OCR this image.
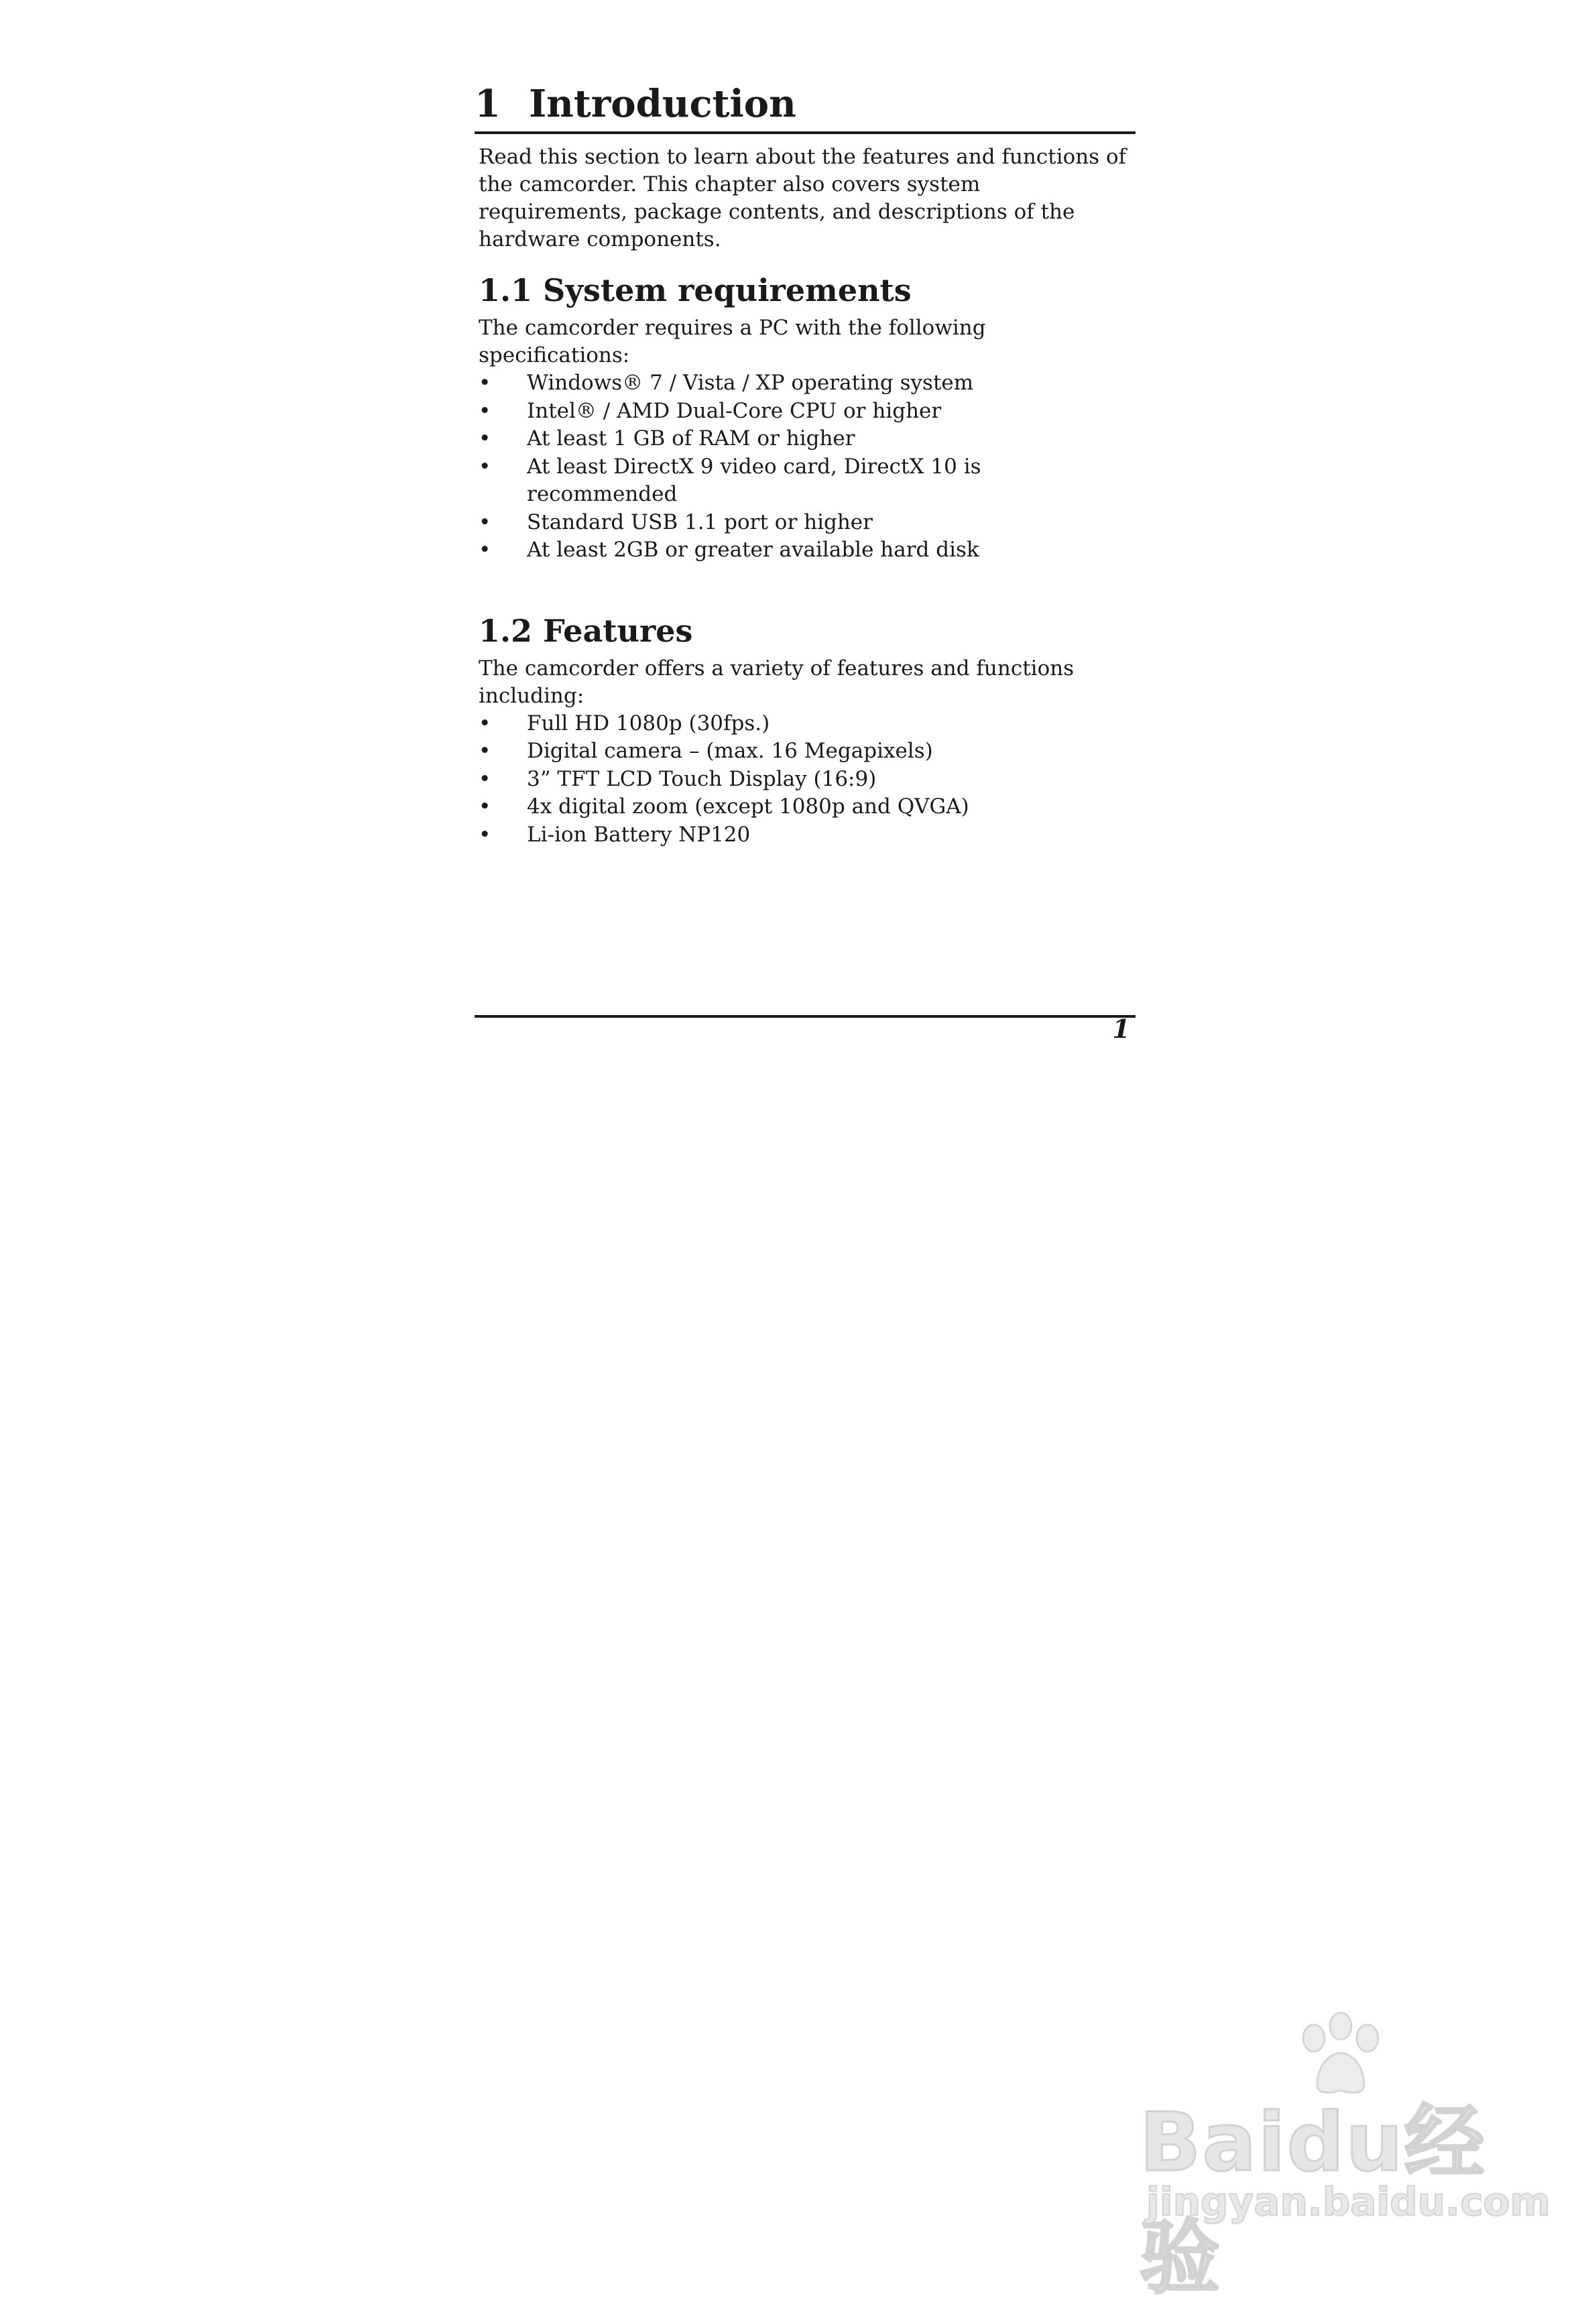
1 Introduction

Read this section to learn about the features and functions of the camcorder. This chapter also covers system requirements, package contents, and descriptions of the hardware components.

1.1 System requirements

The camcorder requires a PC with the following specifications:

•	Windows® 7 / Vista / XP operating system
•	Intel® / AMD Dual-Core CPU or higher
•	At least 1 GB of RAM or higher
•	At least DirectX 9 video card, DirectX 10 is recommended
•	Standard USB 1.1 port or higher
•	At least 2GB or greater available hard disk
1.2 Features

The camcorder offers a variety of features and functions including:

•	Full HD 1080p (30fps.)
•	Digital camera – (max. 16 Megapixels)
•	3” TFT LCD Touch Display (16:9)
•	4x digital zoom (except 1080p and QVGA)
•	Li-ion Battery NP120
1
Baidu经验
jingyan.baidu.com
